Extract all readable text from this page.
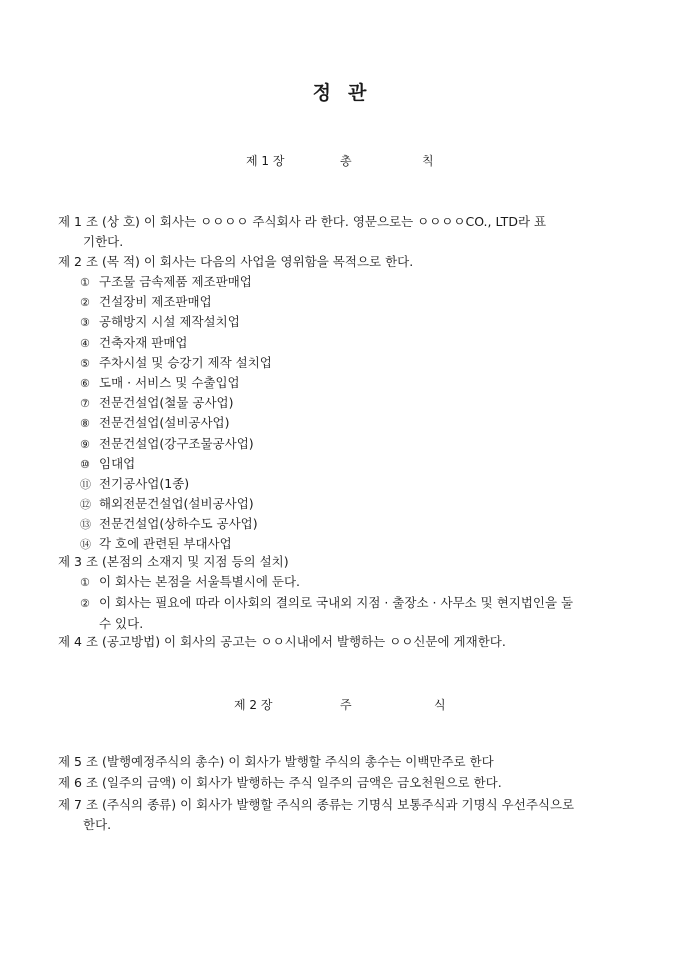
정 관
제 1 장	총	칙
제 1 조 (상 호) 이 회사는 ㅇㅇㅇㅇ 주식회사 라 한다. 영문으로는 ㅇㅇㅇㅇCO., LTD라 표
기한다.
제 2 조 (목 적) 이 회사는 다음의 사업을 영위함을 목적으로 한다.
① 구조물 금속제품 제조판매업
② 건설장비 제조판매업
③ 공해방지 시설 제작설치업
④ 건축자재 판매업
⑤ 주차시설 및 승강기 제작 설치업
⑥ 도매 · 서비스 및 수출입업
⑦ 전문건설업(철물 공사업)
⑧ 전문건설업(설비공사업)
⑨ 전문건설업(강구조물공사업)
⑩ 임대업
⑪ 전기공사업(1종)
⑫ 해외전문건설업(설비공사업)
⑬ 전문건설업(상하수도 공사업)
⑭ 각 호에 관련된 부대사업
제 3 조 (본점의 소재지 및 지점 등의 설치)
① 이 회사는 본점을 서울특별시에 둔다.
② 이 회사는 필요에 따라 이사회의 결의로 국내외 지점 · 출장소 · 사무소 및 현지법인을 둘
수 있다.
제 4 조 (공고방법) 이 회사의 공고는 ㅇㅇ시내에서 발행하는 ㅇㅇ신문에 게재한다.
제 2 장	주	식
제 5 조 (발행예정주식의 총수) 이 회사가 발행할 주식의 총수는 이백만주로 한다
제 6 조 (일주의 금액) 이 회사가 발행하는 주식 일주의 금액은 금오천원으로 한다.
제 7 조 (주식의 종류) 이 회사가 발행할 주식의 종류는 기명식 보통주식과 기명식 우선주식으로
한다.
